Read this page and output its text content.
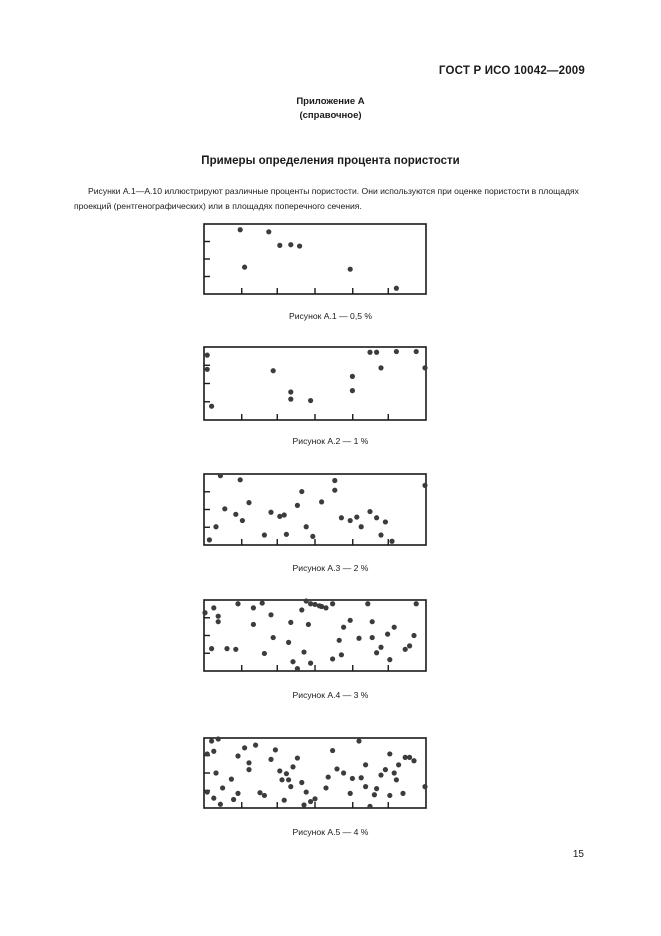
ГОСТ Р ИСО 10042—2009
Приложение А
(справочное)
Примеры определения процента пористости
Рисунки А.1—А.10 иллюстрируют различные проценты пористости. Они используются при оценке пористости в площадях проекций (рентгенографических) или в площадях поперечного сечения.
Рисунок А.1 — 0,5 %
Рисунок А.2 — 1 %
Рисунок А.3 — 2 %
Рисунок А.4 — 3 %
Рисунок А.5 — 4 %
15
